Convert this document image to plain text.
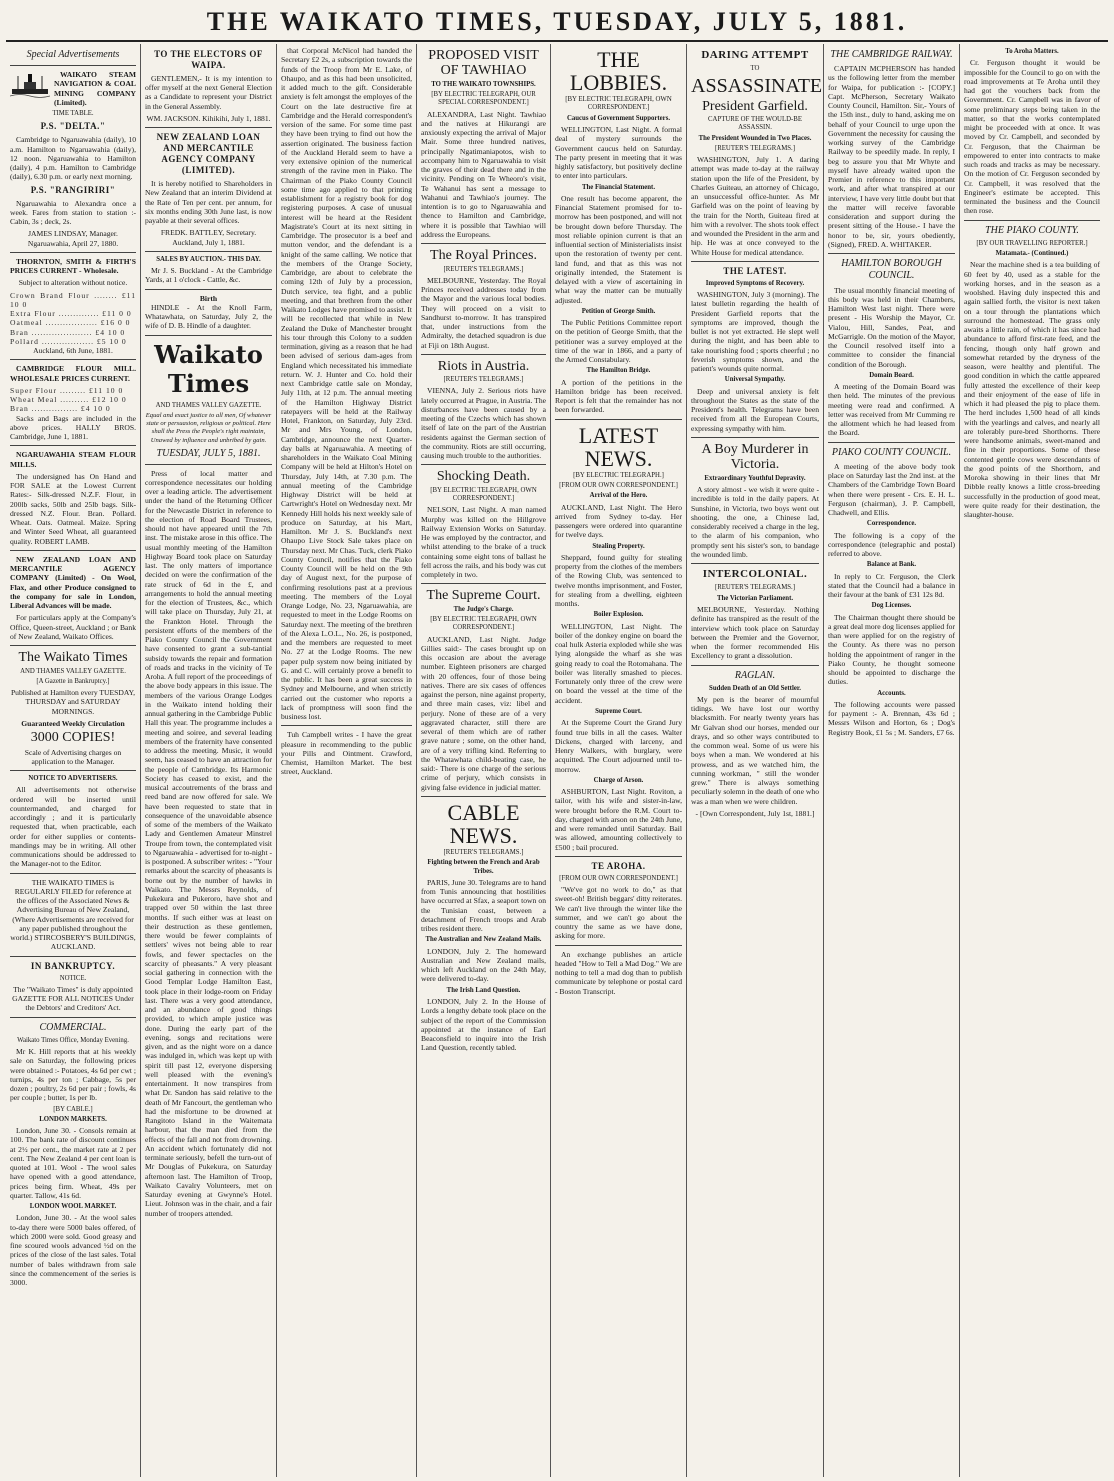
THE WAIKATO TIMES, TUESDAY, JULY 5, 1881.
Special Advertisements

WAIKATO STEAM NAVIGATION & COAL MINING COMPANY (Limited).

TIME TABLE.
P.S. "DELTA."

Cambridge to Ngaruawahia (daily), 10 a.m. Hamilton to Ngaruawahia (daily), 12 noon. Ngaruawahia to Hamilton (daily), 4 p.m. Hamilton to Cambridge (daily), 6.30 p.m. or early next morning.

P.S. "RANGIRIRI"

Ngaruawahia to Alexandra once a week. Fares from station to station :- Cabin, 3s ; deck, 2s.

JAMES LINDSAY, Manager. Ngaruawahia, April 27, 1880.

THORNTON, SMITH & FIRTH'S PRICES CURRENT - Wholesale.

Subject to alteration without notice.

Crown Brand Flour ........ £11 10 0
Extra Flour .............. £11 0 0
Oatmeal .................. £16 0 0
Bran ..................... £4 10 0
Pollard .................. £5 10 0

Auckland, 6th June, 1881.

CAMBRIDGE FLOUR MILL. WHOLESALE PRICES CURRENT.

Super Flour ......... £11 10 0
Wheat Meal .......... £12 10 0
Bran ................ £4 10 0

Sacks and Bags are included in the above prices. HALLY BROS. Cambridge, June 1, 1881.

NGARUAWAHIA STEAM FLOUR MILLS.

The undersigned has On Hand and FOR SALE at the Lowest Current Rates:- Silk-dressed N.Z.F. Flour, in 200lb sacks, 50lb and 25lb bags. Silk-dressed N.Z. Flour. Bran. Pollard. Wheat. Oats. Oatmeal. Maize. Spring and Winter Seed Wheat, all guaranteed quality. ROBERT LAMB.

NEW ZEALAND LOAN AND MERCANTILE AGENCY COMPANY (Limited) - On Wool, Flax, and other Produce consigned to the company for sale in London, Liberal Advances will be made.

For particulars apply at the Company's Office, Queen-street, Auckland ; or Bank of New Zealand, Waikato Offices.

The Waikato Times
AND THAMES VALLEY GAZETTE.
[A Gazette in Bankruptcy.]

Published at Hamilton every TUESDAY, THURSDAY and SATURDAY MORNINGS.

Guaranteed Weekly Circulation
3000 COPIES!

Scale of Advertising charges on application to the Manager.

NOTICE TO ADVERTISERS.

All advertisements not otherwise ordered will be inserted until countermanded, and charged for accordingly ; and it is particularly requested that, when practicable, each order for either supplies or contents-mandings may be in writing. All other communications should be addressed to the Manager-not to the Editor.

THE WAIKATO TIMES is REGULARLY FILED for reference at the offices of the Associated News & Advertising Bureau of New Zealand, (Where Advertisements are received for any paper published throughout the world.) STIRCOSBERY'S BUILDINGS, AUCKLAND.

IN BANKRUPTCY.
NOTICE.

The "Waikato Times" is duly appointed GAZETTE FOR ALL NOTICES Under the Debtors' and Creditors' Act.

COMMERCIAL.
Waikato Times Office, Monday Evening.

Mr K. Hill reports that at his weekly sale on Saturday, the following prices were obtained :- Potatoes, 4s 6d per cwt ; turnips, 4s per ton ; Cabbage, 5s per dozen ; poultry, 2s 6d per pair ; fowls, 4s per couple ; butter, 1s per lb.

[BY CABLE.]
LONDON MARKETS.

London, June 30. - Consols remain at 100. The bank rate of discount continues at 2½ per cent., the market rate at 2 per cent. The New Zealand 4 per cent loan is quoted at 101. Wool - The wool sales have opened with a good attendance, prices being firm. Wheat, 49s per quarter. Tallow, 41s 6d.

LONDON WOOL MARKET.

London, June 30. - At the wool sales to-day there were 5000 bales offered, of which 2000 were sold. Good greasy and fine scoured wools advanced ½d on the prices of the close of the last sales. Total number of bales withdrawn from sale since the commencement of the series is 3000.

TO THE ELECTORS OF WAIPA.

GENTLEMEN,- It is my intention to offer myself at the next General Election as a Candidate to represent your District in the General Assembly.

WM. JACKSON. Kihikihi, July 1, 1881.

NEW ZEALAND LOAN AND MERCANTILE AGENCY COMPANY (LIMITED).

It is hereby notified to Shareholders in New Zealand that an interim Dividend at the Rate of Ten per cent. per annum, for six months ending 30th June last, is now payable at their several offices.

FREDK. BATTLEY, Secretary. Auckland, July 1, 1881.

SALES BY AUCTION.- THIS DAY.

Mr J. S. Buckland - At the Cambridge Yards, at 1 o'clock - Cattle, &c.

Birth

HINDLE - At the Knoll Farm, Whatawhata, on Saturday, July 2, the wife of D. B. Hindle of a daughter.

Waikato Times
AND THAMES VALLEY GAZETTE.

Equal and exact justice to all men, Of whatever state or persuasion, religious or political. Here shall the Press the People's right maintain, Unawed by influence and unbribed by gain.

TUESDAY, JULY 5, 1881.

Press of local matter and correspondence necessitates our holding over a leading article. The advertisement under the hand of the Returning Officer for the Newcastle District in reference to the election of Road Board Trustees, should not have appeared until the 7th inst. The mistake arose in this office. The usual monthly meeting of the Hamilton Highway Board took place on Saturday last. The only matters of importance decided on were the confirmation of the rate struck of 6d in the £, and arrangements to hold the annual meeting for the election of Trustees, &c., which will take place on Thursday, July 21, at the Frankton Hotel. Through the persistent efforts of the members of the Piako County Council the Government have consented to grant a sub-tantial subsidy towards the repair and formation of roads and tracks in the vicinity of Te Aroha. A full report of the proceedings of the above body appears in this issue. The members of the various Orange Lodges in the Waikato intend holding their annual gathering in the Cambridge Public Hall this year. The programme includes a meeting and soiree, and several leading members of the fraternity have consented to address the meeting. Music, it would seem, has ceased to have an attraction for the people of Cambridge. Its Harmonic Society has ceased to exist, and the musical accoutrements of the brass and reed band are now offered for sale. We have been requested to state that in consequence of the unavoidable absence of some of the members of the Waikato Lady and Gentlemen Amateur Minstrel Troupe from town, the contemplated visit to Ngaruawahia - advertised for to-night - is postponed. A subscriber writes: - "Your remarks about the scarcity of pheasants is borne out by the number of hawks in Waikato. The Messrs Reynolds, of Pukekura and Pukeroro, have shot and trapped over 50 within the last three months. If such either was at least on their destruction as these gentlemen, there would be fewer complaints of settlers' wives not being able to rear fowls, and fewer spectacles on the scarcity of pheasants." A very pleasant social gathering in connection with the Good Templar Lodge Hamilton East, took place in their lodge-room on Friday last. There was a very good attendance, and an abundance of good things provided, to which ample justice was done. During the early part of the evening, songs and recitations were given, and as the night wore on a dance was indulged in, which was kept up with spirit till past 12, everyone dispersing well pleased with the evening's entertainment. It now transpires from what Dr. Sandon has said relative to the death of Mr Fancourt, the gentleman who had the misfortune to be drowned at Rangitoto Island in the Waitemata harbour, that the man died from the effects of the fall and not from drowning. An accident which fortunately did not terminate seriously, befell the turn-out of Mr Douglas of Pukekura, on Saturday afternoon last. The Hamilton of Troop, Waikato Cavalry Volunteers, met on Saturday evening at Gwynne's Hotel. Lieut. Johnson was in the chair, and a fair number of troopers attended.

that Corporal McNicol had handed the Secretary £2 2s, a subscription towards the funds of the Troop from Mr E. Lake, of Ohaupo, and as this had been unsolicited, it added much to the gift. Considerable anxiety is felt amongst the employes of the Court on the late destructive fire at Cambridge and the Herald correspondent's version of the same. For some time past they have been trying to find out how the assertion originated. The business faction of the Auckland Herald seem to have a very extensive opinion of the numerical strength of the ravine men in Piako. The Chairman of the Piako County Council some time ago applied to that printing establishment for a registry book for dog registering purposes. A case of unusual interest will be heard at the Resident Magistrate's Court at its next sitting in Cambridge. The prosecutor is a beef and mutton vendor, and the defendant is a knight of the same calling. We notice that the members of the Orange Society, Cambridge, are about to celebrate the coming 12th of July by a procession, Dutch service, tea fight, and a public meeting, and that brethren from the other Waikato Lodges have promised to assist. It will be recollected that while in New Zealand the Duke of Manchester brought his tour through this Colony to a sudden termination, giving as a reason that he had been advised of serious dam-ages from England which necessitated his immediate return. W. J. Hunter and Co. hold their next Cambridge cattle sale on Monday, July 11th, at 12 p.m. The annual meeting of the Hamilton Highway District ratepayers will be held at the Railway Hotel, Frankton, on Saturday, July 23rd. Mr and Mrs Young, of London, Cambridge, announce the next Quarter-day balls at Ngaruawahia. A meeting of shareholders in the Waikato Coal Mining Company will be held at Hilton's Hotel on Thursday, July 14th, at 7.30 p.m. The annual meeting of the Cambridge Highway District will be held at Cartwright's Hotel on Wednesday next. Mr Kennedy Hill holds his next weekly sale of produce on Saturday, at his Mart, Hamilton. Mr J. S. Buckland's next Ohaupo Live Stock Sale takes place on Thursday next. Mr Chas. Tuck, clerk Piako County Council, notifies that the Piako County Council will be held on the 9th day of August next, for the purpose of confirming resolutions past at a previous meeting. The members of the Loyal Orange Lodge, No. 23, Ngaruawahia, are requested to meet in the Lodge Rooms on Saturday next. The meeting of the brethren of the Alexa L.O.L., No. 26, is postponed, and the members are requested to meet No. 27 at the Lodge Rooms. The new paper pulp system now being initiated by G. and C. will certainly prove a benefit to the public. It has been a great success in Sydney and Melbourne, and when strictly carried out the customer who reports a lack of promptness will soon find the business lost.

Tuh Campbell writes - I have the great pleasure in recommending to the public your Pills and Ointment. Crawford, Chemist, Hamilton Market. The best street, Auckland.

PROPOSED VISIT OF TAWHIAO
TO THE WAIKATO TOWNSHIPS.
[BY ELECTRIC TELEGRAPH, OUR SPECIAL CORRESPONDENT.]

ALEXANDRA, Last Night. Tawhiao and the natives at Hikurangi are anxiously expecting the arrival of Major Mair. Some three hundred natives, principally Ngatimaniapotos, wish to accompany him to Ngaruawahia to visit the graves of their dead there and in the vicinity. Pending on Te Wheoro's visit, Te Wahanui has sent a message to Wahanui and Tawhiao's journey. The intention is to go to Ngaruawahia and thence to Hamilton and Cambridge, where it is possible that Tawhiao will address the Europeans.

The Royal Princes.
[REUTER'S TELEGRAMS.]

MELBOURNE, Yesterday. The Royal Princes received addresses today from the Mayor and the various local bodies. They will proceed on a visit to Sandhurst to-morrow. It has transpired that, under instructions from the Admiralty, the detached squadron is due at Fiji on 18th August.

Riots in Austria.
[REUTER'S TELEGRAMS.]

VIENNA, July 2. Serious riots have lately occurred at Prague, in Austria. The disturbances have been caused by a meeting of the Czechs which has shown itself of late on the part of the Austrian residents against the German section of the community. Riots are still occurring, causing much trouble to the authorities.

Shocking Death.
[BY ELECTRIC TELEGRAPH, OWN CORRESPONDENT.]

NELSON, Last Night. A man named Murphy was killed on the Hillgrove Railway Extension Works on Saturday. He was employed by the contractor, and whilst attending to the brake of a truck containing some eight tons of ballast he fell across the rails, and his body was cut completely in two.

The Supreme Court.
The Judge's Charge.
[BY ELECTRIC TELEGRAPH, OWN CORRESPONDENT.]

AUCKLAND, Last Night. Judge Gillies said:- The cases brought up on this occasion are about the average number. Eighteen prisoners are charged with 20 offences, four of those being natives. There are six cases of offences against the person, nine against property, and three main cases, viz: libel and perjury. None of these are of a very aggravated character, still there are several of them which are of rather grave nature ; some, on the other hand, are of a very trifling kind. Referring to the Whatawhata child-beating case, he said:- There is one charge of the serious crime of perjury, which consists in giving false evidence in judicial matter.

CABLE NEWS.
[REUTER'S TELEGRAMS.]
Fighting between the French and Arab Tribes.

PARIS, June 30. Telegrams are to hand from Tunis announcing that hostilities have occurred at Sfax, a seaport town on the Tunisian coast, between a detachment of French troops and Arab tribes resident there.

The Australian and New Zealand Mails.

LONDON, July 2. The homeward Australian and New Zealand mails, which left Auckland on the 24th May, were delivered to-day.

The Irish Land Question.

LONDON, July 2. In the House of Lords a lengthy debate took place on the subject of the report of the Commission appointed at the instance of Earl Beaconsfield to inquire into the Irish Land Question, recently tabled.

THE LOBBIES.
[BY ELECTRIC TELEGRAPH, OWN CORRESPONDENT.]
Caucus of Government Supporters.

WELLINGTON, Last Night. A formal deal of mystery surrounds the Government caucus held on Saturday. The party present in meeting that it was highly satisfactory, but positively decline to enter into particulars.

The Financial Statement.

One result has become apparent, the Financial Statement promised for to-morrow has been postponed, and will not be brought down before Thursday. The most reliable opinion current is that an influential section of Ministerialists insist upon the restoration of twenty per cent. land fund, and that as this was not originally intended, the Statement is delayed with a view of ascertaining in what way the matter can be mutually adjusted.

Petition of George Smith.

The Public Petitions Committee report on the petition of George Smith, that the petitioner was a survey employed at the time of the war in 1866, and a party of the Armed Constabulary.

The Hamilton Bridge.

A portion of the petitions in the Hamilton bridge has been received. Report is felt that the remainder has not been forwarded.

LATEST NEWS.
[BY ELECTRIC TELEGRAPH.]
[FROM OUR OWN CORRESPONDENT.]
Arrival of the Hero.

AUCKLAND, Last Night. The Hero arrived from Sydney to-day. Her passengers were ordered into quarantine for twelve days.

Stealing Property.

Sheppard, found guilty for stealing property from the clothes of the members of the Rowing Club, was sentenced to twelve months imprisonment, and Foster, for stealing from a dwelling, eighteen months.

Boiler Explosion.

WELLINGTON, Last Night. The boiler of the donkey engine on board the coal hulk Asteria exploded while she was lying alongside the wharf as she was going ready to coal the Rotomahana. The boiler was literally smashed to pieces. Fortunately only three of the crew were on board the vessel at the time of the accident.

Supreme Court.

At the Supreme Court the Grand Jury found true bills in all the cases. Walter Dickens, charged with larceny, and Henry Walkers, with burglary, were acquitted. The Court adjourned until to-morrow.

Charge of Arson.

ASHBURTON, Last Night. Roviton, a tailor, with his wife and sister-in-law, were brought before the R.M. Court to-day, charged with arson on the 24th June, and were remanded until Saturday. Bail was allowed, amounting collectively to £500 ; bail procured.

TE AROHA.
[FROM OUR OWN CORRESPONDENT.]

"We've got no work to do," as that sweet-oh! British beggars' ditty reiterates. We can't live through the winter like the summer, and we can't go about the country the same as we have done, asking for more.

An exchange publishes an article headed "How to Tell a Mad Dog." We are nothing to tell a mad dog than to publish communicate by telephone or postal card - Boston Transcript.

DARING ATTEMPT
TO
ASSASSINATE
President Garfield.
CAPTURE OF THE WOULD-BE ASSASSIN.
The President Wounded in Two Places.
[REUTER'S TELEGRAMS.]

WASHINGTON, July 1. A daring attempt was made to-day at the railway station upon the life of the President, by Charles Guiteau, an attorney of Chicago, an unsuccessful office-hunter. As Mr Garfield was on the point of leaving by the train for the North, Guiteau fired at him with a revolver. The shots took effect and wounded the President in the arm and hip. He was at once conveyed to the White House for medical attendance.

THE LATEST.
Improved Symptoms of Recovery.

WASHINGTON, July 3 (morning). The latest bulletin regarding the health of President Garfield reports that the symptoms are improved, though the bullet is not yet extracted. He slept well during the night, and has been able to take nourishing food ; sports cheerful ; no feverish symptoms shown, and the patient's wounds quite normal.

Universal Sympathy.

Deep and universal anxiety is felt throughout the States as the state of the President's health. Telegrams have been received from all the European Courts, expressing sympathy with him.

A Boy Murderer in Victoria.
Extraordinary Youthful Depravity.

A story almost - we wish it were quite - incredible is told in the daily papers. At Sunshine, in Victoria, two boys went out shooting, the one, a Chinese lad, considerably received a charge in the leg, to the alarm of his companion, who promptly sent his sister's son, to bandage the wounded limb.

INTERCOLONIAL.
[REUTER'S TELEGRAMS.]
The Victorian Parliament.

MELBOURNE, Yesterday. Nothing definite has transpired as the result of the interview which took place on Saturday between the Premier and the Governor, when the former recommended His Excellency to grant a dissolution.

RAGLAN.
Sudden Death of an Old Settler.

My pen is the bearer of mournful tidings. We have lost our worthy blacksmith. For nearly twenty years has Mr Galvan shod our horses, mended our drays, and so other ways contributed to the common weal. Some of us were his boys when a man. We wondered at his prowess, and as we watched him, the cunning workman, " still the wonder grew." There is always something peculiarly solemn in the death of one who was a man when we were children.

- [Own Correspondent, July 1st, 1881.]

THE CAMBRIDGE RAILWAY.

CAPTAIN MCPHERSON has handed us the following letter from the member for Waipa, for publication :- [COPY.] Capt. McPherson, Secretary Waikato County Council, Hamilton. Sir,- Yours of the 15th inst., duly to hand, asking me on behalf of your Council to urge upon the Government the necessity for causing the working survey of the Cambridge Railway to be speedily made. In reply, I beg to assure you that Mr Whyte and myself have already waited upon the Premier in reference to this important work, and after what transpired at our interview, I have very little doubt but that the matter will receive favorable consideration and support during the present sitting of the House.- I have the honor to be, sir, yours obediently, (Signed), FRED. A. WHITAKER.

HAMILTON BOROUGH COUNCIL.

The usual monthly financial meeting of this body was held in their Chambers, Hamilton West last night. There were present - His Worship the Mayor, Cr. Vialou, Hill, Sandes, Peat, and McGarrigle. On the motion of the Mayor, the Council resolved itself into a committee to consider the financial condition of the Borough.

Domain Board.

A meeting of the Domain Board was then held. The minutes of the previous meeting were read and confirmed. A letter was received from Mr Cumming re the allotment which he had leased from the Board.

PIAKO COUNTY COUNCIL.

A meeting of the above body took place on Saturday last the 2nd inst. at the Chambers of the Cambridge Town Board when there were present - Crs. E. H. L. Ferguson (chairman), J. P. Campbell, Chadwell, and Ellis.

Correspondence.

The following is a copy of the correspondence (telegraphic and postal) referred to above.

Balance at Bank.

In reply to Cr. Ferguson, the Clerk stated that the Council had a balance in their favour at the bank of £31 12s 8d.

Dog Licenses.

The Chairman thought there should be a great deal more dog licenses applied for than were applied for on the registry of the County. As there was no person holding the appointment of ranger in the Piako County, he thought someone should be appointed to discharge the duties.

Accounts.

The following accounts were passed for payment :- A. Brennan, 43s 6d ; Messrs Wilson and Horton, 6s ; Dog's Registry Book, £1 5s ; M. Sanders, £7 6s.

To Aroha Matters.

Cr. Ferguson thought it would be impossible for the Council to go on with the road improvements at Te Aroha until they had got the vouchers back from the Government. Cr. Campbell was in favor of some preliminary steps being taken in the matter, so that the works contemplated might be proceeded with at once. It was moved by Cr. Campbell, and seconded by Cr. Ferguson, that the Chairman be empowered to enter into contracts to make such roads and tracks as may be necessary. On the motion of Cr. Ferguson seconded by Cr. Campbell, it was resolved that the Engineer's estimate be accepted. This terminated the business and the Council then rose.

THE PIAKO COUNTY.
[BY OUR TRAVELLING REPORTER.]
Matamata.- (Continued.)

Near the machine shed is a tea building of 60 feet by 40, used as a stable for the working horses, and in the season as a woolshed. Having duly inspected this and again sallied forth, the visitor is next taken on a tour through the plantations which surround the homestead. The grass only awaits a little rain, of which it has since had abundance to afford first-rate feed, and the fencing, though only half grown and somewhat retarded by the dryness of the season, were healthy and plentiful. The good condition in which the cattle appeared fully attested the excellence of their keep and their enjoyment of the ease of life in which it had pleased the pig to place them. The herd includes 1,500 head of all kinds with the yearlings and calves, and nearly all are tolerably pure-bred Shorthorns. There were handsome animals, sweet-maned and fine in their proportions. Some of these contented gentle cows were descendants of the good points of the Shorthorn, and Moroka showing in their lines that Mr Dibble really knows a little cross-breeding successfully in the production of good meat, were quite ready for their destination, the slaughter-house.
